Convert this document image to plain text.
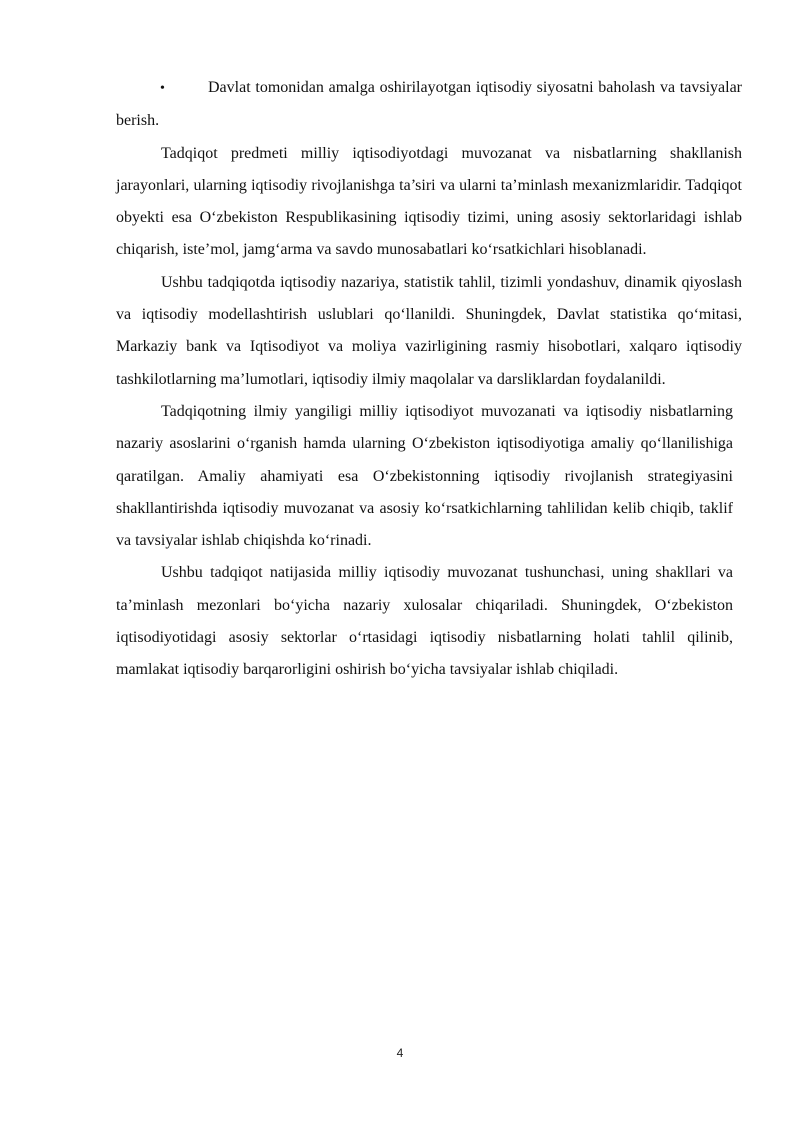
•	Davlat tomonidan amalga oshirilayotgan iqtisodiy siyosatni baholash va tavsiyalar berish.

Tadqiqot predmeti milliy iqtisodiyotdagi muvozanat va nisbatlarning shakllanish jarayonlari, ularning iqtisodiy rivojlanishga ta’siri va ularni ta’minlash mexanizmlaridir. Tadqiqot obyekti esa O‘zbekiston Respublikasining iqtisodiy tizimi, uning asosiy sektorlaridagi ishlab chiqarish, iste’mol, jamg‘arma va savdo munosabatlari ko‘rsatkichlari hisoblanadi.

Ushbu tadqiqotda iqtisodiy nazariya, statistik tahlil, tizimli yondashuv, dinamik qiyoslash va iqtisodiy modellashtirish uslublari qo‘llanildi. Shuningdek, Davlat statistika qo‘mitasi, Markaziy bank va Iqtisodiyot va moliya vazirligining rasmiy hisobotlari, xalqaro iqtisodiy tashkilotlarning ma’lumotlari, iqtisodiy ilmiy maqolalar va darsliklardan foydalanildi.

Tadqiqotning ilmiy yangiligi milliy iqtisodiyot muvozanati va iqtisodiy nisbatlarning nazariy asoslarini o‘rganish hamda ularning O‘zbekiston iqtisodiyotiga amaliy qo‘llanilishiga qaratilgan. Amaliy ahamiyati esa O‘zbekistonning iqtisodiy rivojlanish strategiyasini shakllantirishda iqtisodiy muvozanat va asosiy ko‘rsatkichlarning tahlilidan kelib chiqib, taklif va tavsiyalar ishlab chiqishda ko‘rinadi.

Ushbu tadqiqot natijasida milliy iqtisodiy muvozanat tushunchasi, uning shakllari va ta’minlash mezonlari bo‘yicha nazariy xulosalar chiqariladi. Shuningdek, O‘zbekiston iqtisodiyotidagi asosiy sektorlar o‘rtasidagi iqtisodiy nisbatlarning holati tahlil qilinib, mamlakat iqtisodiy barqarorligini oshirish bo‘yicha tavsiyalar ishlab chiqiladi.

4
